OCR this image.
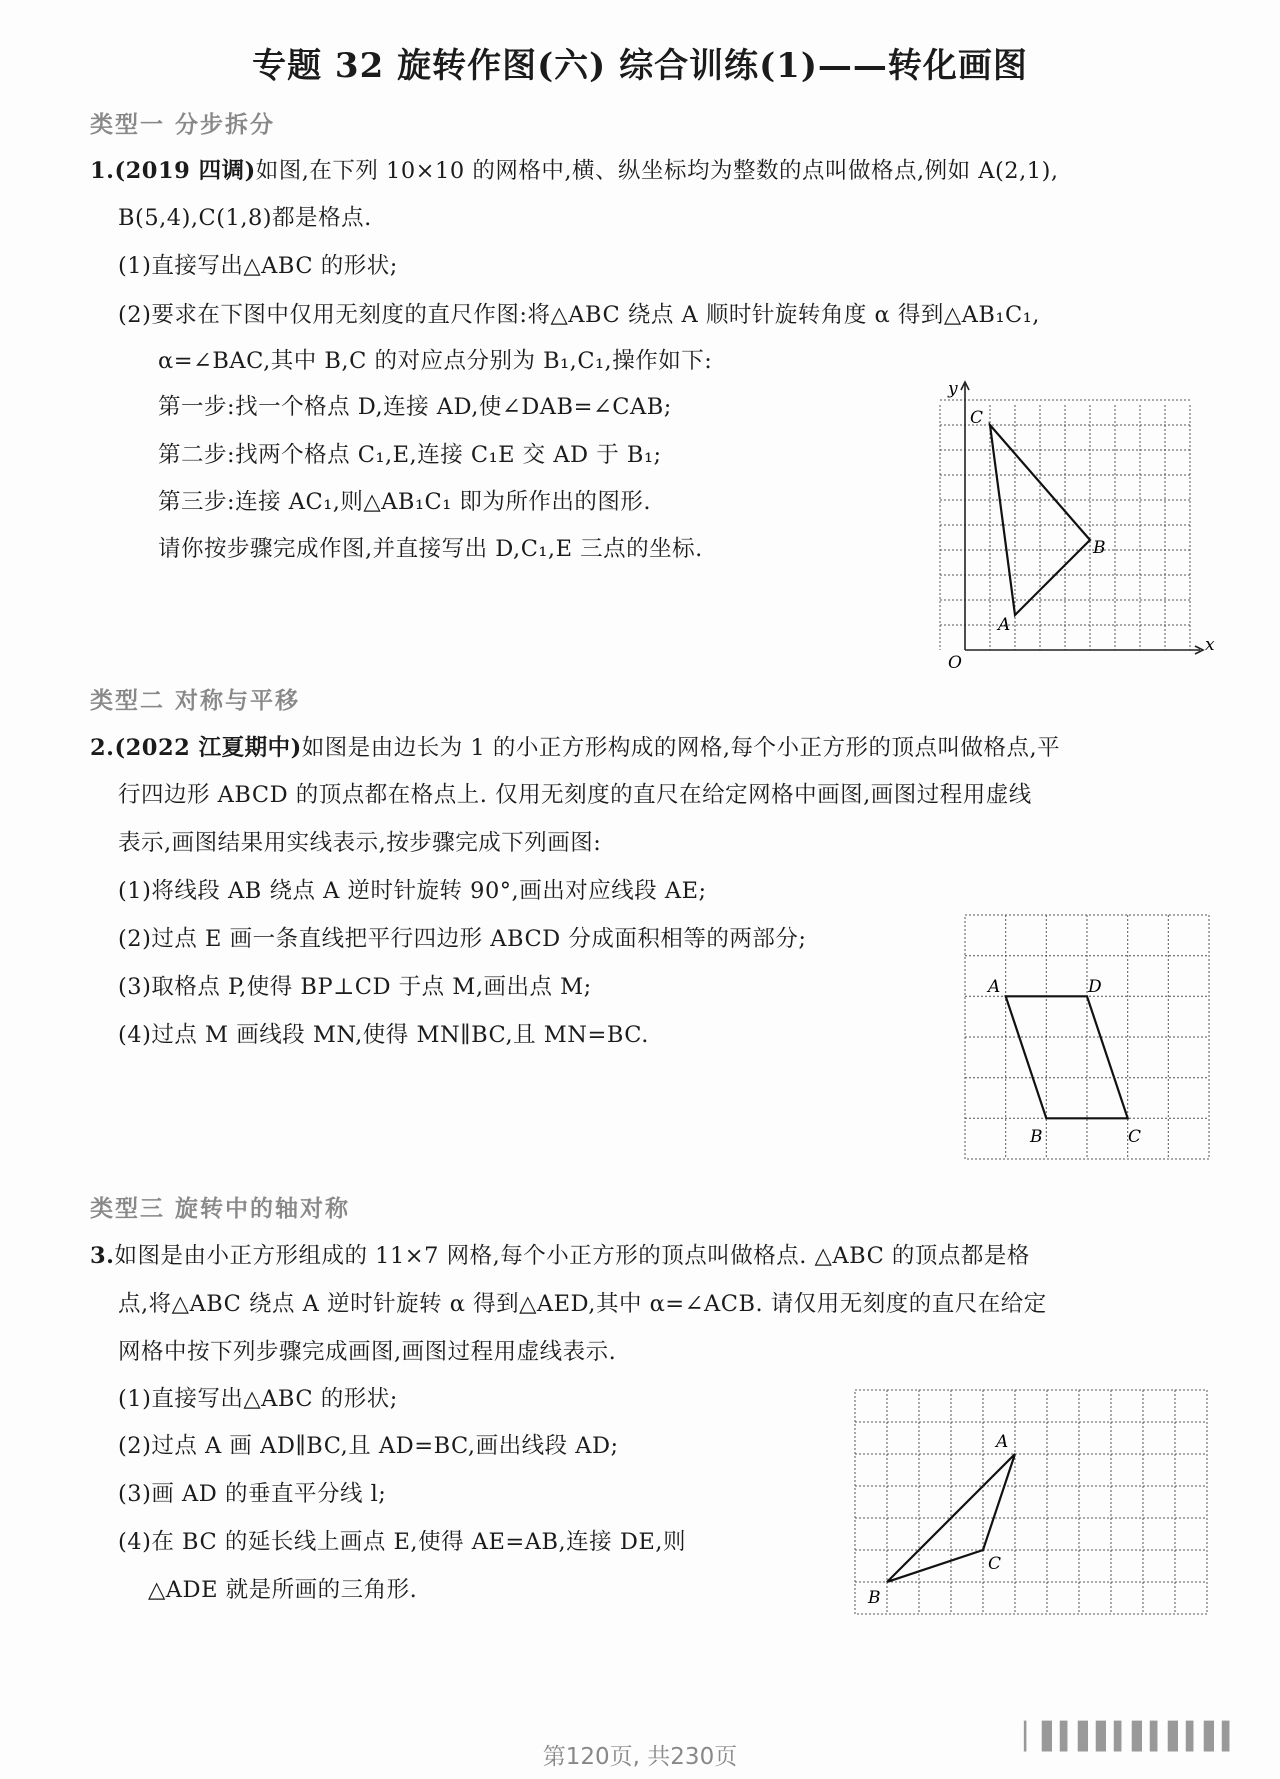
专题 32 旋转作图(六) 综合训练(1)——转化画图
类型一 分步拆分
1.(2019 四调)如图,在下列 10×10 的网格中,横、纵坐标均为整数的点叫做格点,例如 A(2,1),
B(5,4),C(1,8)都是格点.
(1)直接写出△ABC 的形状;
(2)要求在下图中仅用无刻度的直尺作图:将△ABC 绕点 A 顺时针旋转角度 α 得到△AB₁C₁,
α=∠BAC,其中 B,C 的对应点分别为 B₁,C₁,操作如下:
第一步:找一个格点 D,连接 AD,使∠DAB=∠CAB;
第二步:找两个格点 C₁,E,连接 C₁E 交 AD 于 B₁;
第三步:连接 AC₁,则△AB₁C₁ 即为所作出的图形.
请你按步骤完成作图,并直接写出 D,C₁,E 三点的坐标.
y
x
O
A
B
C
类型二 对称与平移
2.(2022 江夏期中)如图是由边长为 1 的小正方形构成的网格,每个小正方形的顶点叫做格点,平
行四边形 ABCD 的顶点都在格点上. 仅用无刻度的直尺在给定网格中画图,画图过程用虚线
表示,画图结果用实线表示,按步骤完成下列画图:
(1)将线段 AB 绕点 A 逆时针旋转 90°,画出对应线段 AE;
(2)过点 E 画一条直线把平行四边形 ABCD 分成面积相等的两部分;
(3)取格点 P,使得 BP⊥CD 于点 M,画出点 M;
(4)过点 M 画线段 MN,使得 MN∥BC,且 MN=BC.
A	D
B	C
类型三 旋转中的轴对称
3.如图是由小正方形组成的 11×7 网格,每个小正方形的顶点叫做格点. △ABC 的顶点都是格
点,将△ABC 绕点 A 逆时针旋转 α 得到△AED,其中 α=∠ACB. 请仅用无刻度的直尺在给定
网格中按下列步骤完成画图,画图过程用虚线表示.
(1)直接写出△ABC 的形状;
(2)过点 A 画 AD∥BC,且 AD=BC,画出线段 AD;
(3)画 AD 的垂直平分线 l;
(4)在 BC 的延长线上画点 E,使得 AE=AB,连接 DE,则
△ADE 就是所画的三角形.
A
B
C
第120页, 共230页
▏▌▍▌▌▍▌▍▌▍▌▍
